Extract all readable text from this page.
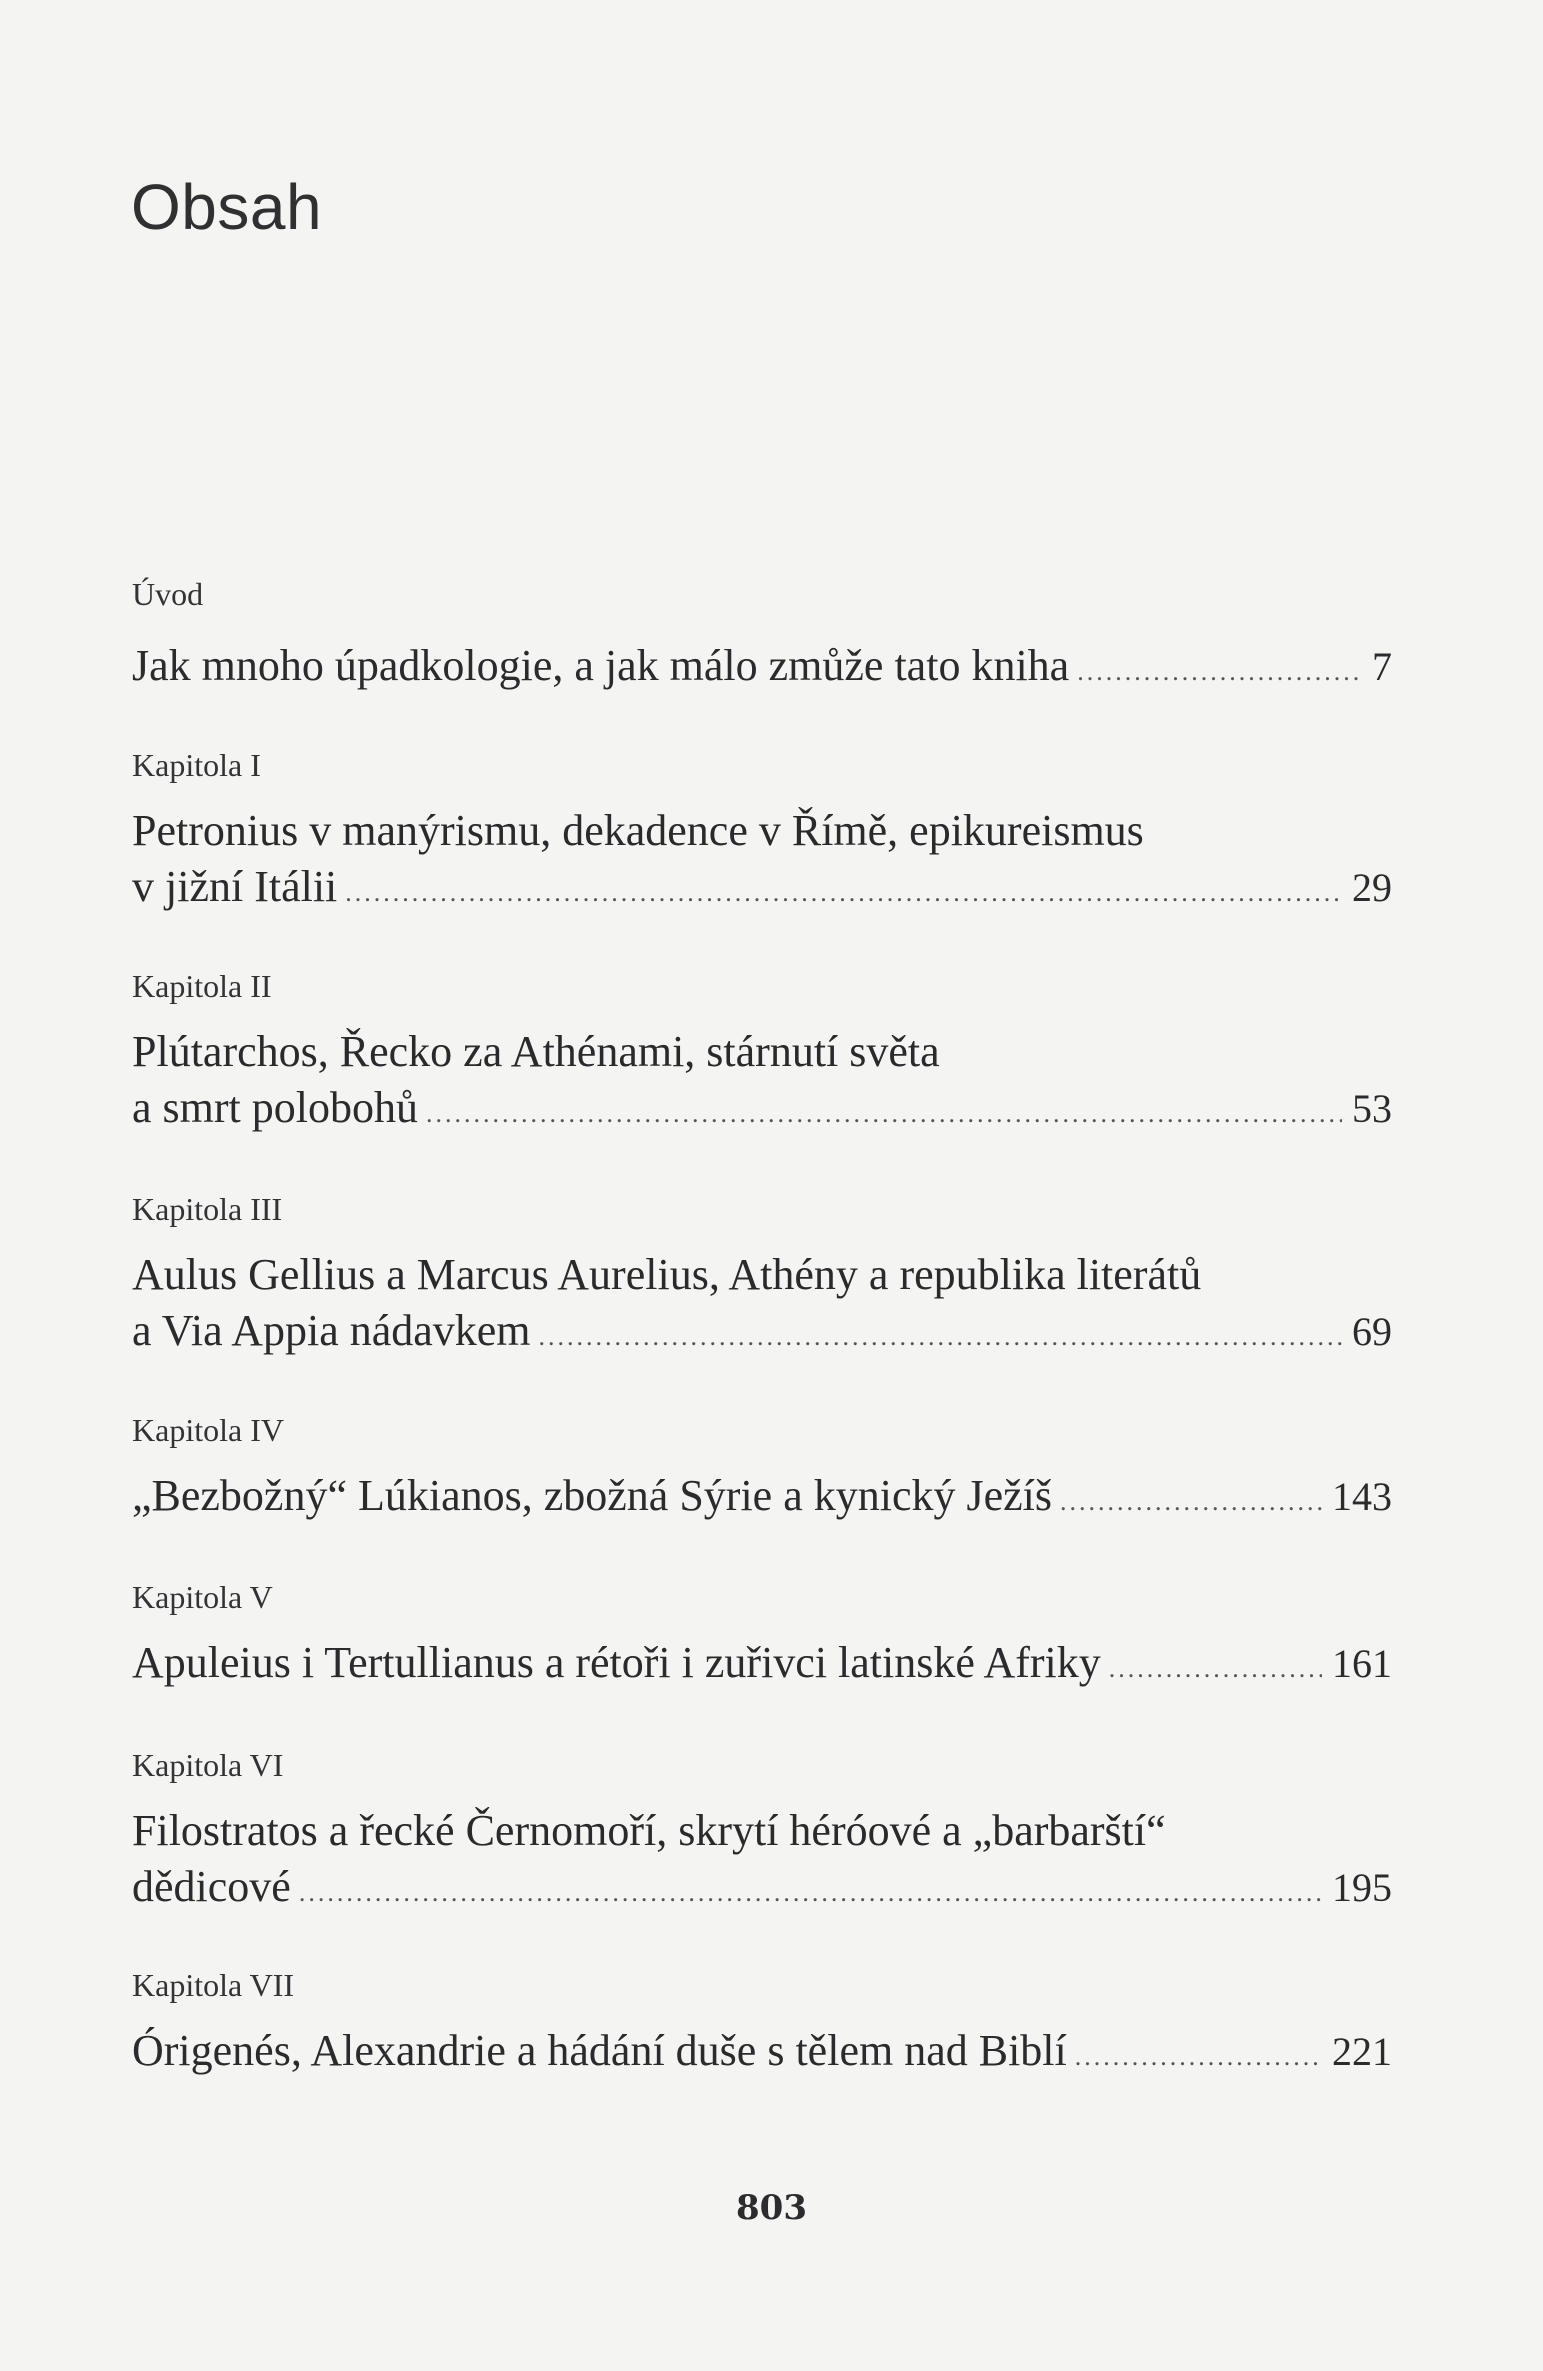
Obsah
Úvod
Jak mnoho úpadkologie, a jak málo zmůže tato kniha .....	7
Kapitola I
Petronius v manýrismu, dekadence v Římě, epikureismus
v jižní Itálii .....	29
Kapitola II
Plútarchos, Řecko za Athénami, stárnutí světa
a smrt polobohů .....	53
Kapitola III
Aulus Gellius a Marcus Aurelius, Athény a republika literátů
a Via Appia nádavkem .....	69
Kapitola IV
„Bezbožný“ Lúkianos, zbožná Sýrie a kynický Ježíš .....	143
Kapitola V
Apuleius i Tertullianus a rétoři i zuřivci latinské Afriky .....	161
Kapitola VI
Filostratos a řecké Černomoří, skrytí héróové a „barbarští“
dědicové .....	195
Kapitola VII
Órigenés, Alexandrie a hádání duše s tělem nad Biblí .....	221
803
